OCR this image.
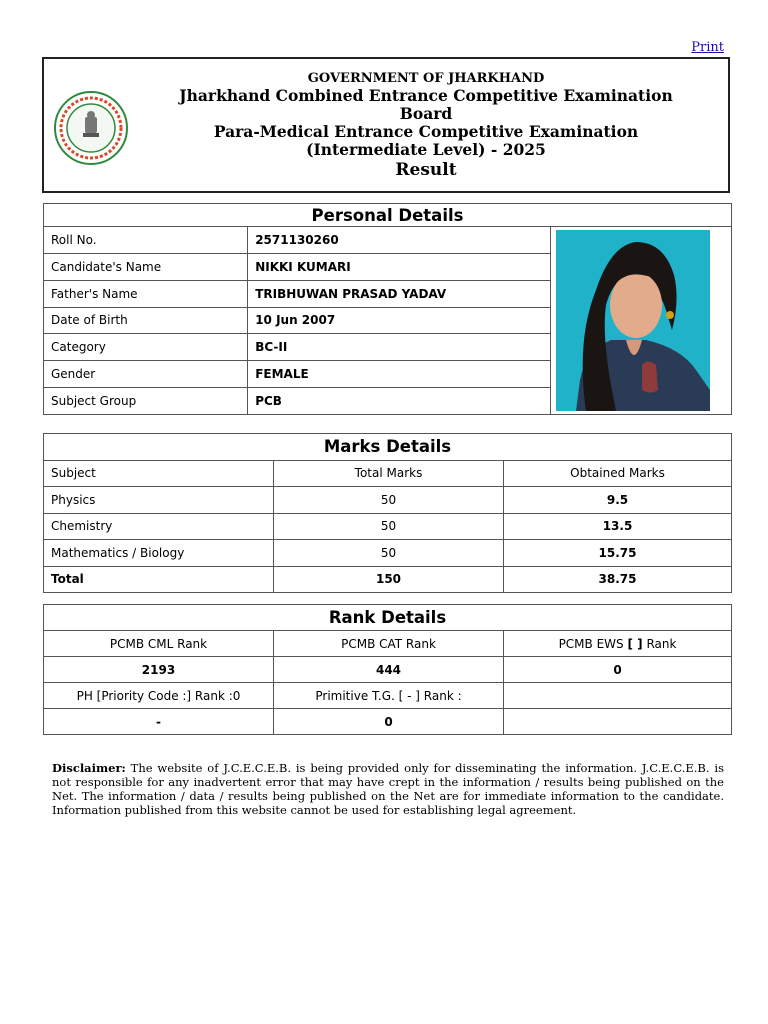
Print
GOVERNMENT OF JHARKHAND
Jharkhand Combined Entrance Competitive Examination
Board
Para-Medical Entrance Competitive Examination
(Intermediate Level) - 2025
Result
Personal Details		
Roll No.	2571130260	

Candidate's Name	NIKKI KUMARI	
Father's Name	TRIBHUWAN PRASAD YADAV	
Date of Birth	10 Jun 2007	
Category	BC-II	
Gender	FEMALE	
Subject Group	PCB	
Marks Details		
Subject	Total Marks	Obtained Marks
Physics	50	9.5
Chemistry	50	13.5
Mathematics / Biology	50	15.75
Total	150	38.75
Rank Details		
PCMB CML Rank	PCMB CAT Rank	PCMB EWS [ ] Rank
2193	444	0
PH [Priority Code :] Rank :0	Primitive T.G. [ - ] Rank :	
-	0	
Disclaimer: The website of J.C.E.C.E.B. is being provided only for disseminating the information. J.C.E.C.E.B. is not responsible for any inadvertent error that may have crept in the information / results being published on the Net. The information / data / results being published on the Net are for immediate information to the candidate. Information published from this website cannot be used for establishing legal agreement.
